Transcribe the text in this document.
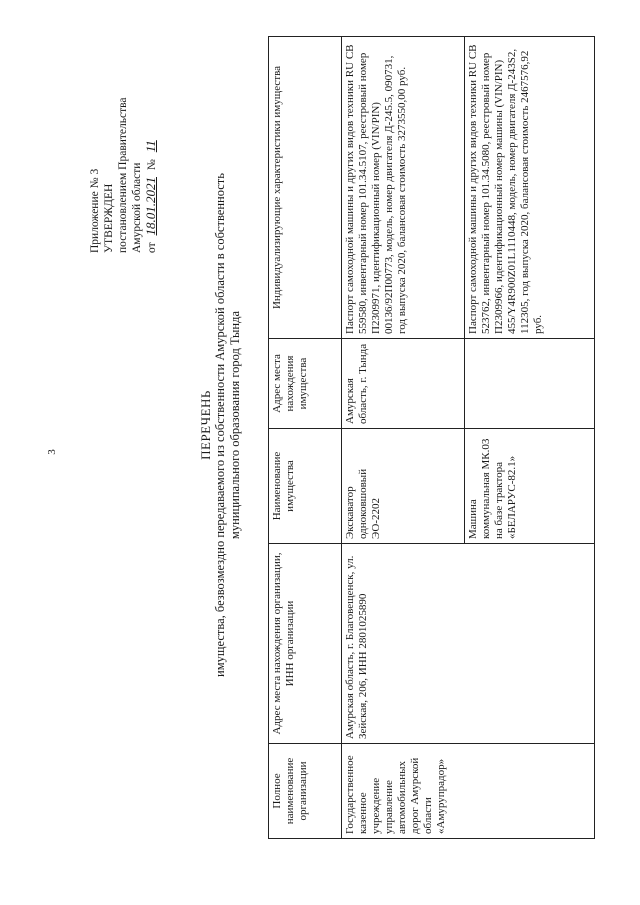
3
Приложение № 3 УТВЕРЖДЕН постановлением Правительства Амурской области от 18.01.2021 № 11
ПЕРЕЧЕНЬ имущества, безвозмездно передаваемого из собственности Амурской области в собственность муниципального образования город Тында
Полное наименование организации	Адрес места нахождения организации, ИНН организации	Наименование имущества	Адрес места нахождения имущества	Индивидуализирующие характеристики имущества
Государственное казенное учреждение управление автомобильных дорог Амурской области «Амурупрадор»	Амурская область, г. Благовещенск, ул. Зейская, 206, ИНН 2801025890	Экскаватор одноковшовый ЭО-2202	Амурская область, г. Тында	Паспорт самоходной машины и других видов техники RU CB 559580, инвентарный номер 101.34.5107, реестровый номер П2309971, идентификационный номер (VIN/PIN) 00136/92П00773, модель, номер двигателя Д-245.5, 090731, год выпуска 2020, балансовая стоимость 3273550,00 руб.
		Машина коммунальная МК.03 на базе трактора «БЕЛАРУС-82.1»		Паспорт самоходной машины и других видов техники RU CB 523762, инвентарный номер 101.34.5080, реестровый номер П2309966, идентификационный номер машины (VIN/PIN) 455/Y4R900Z01L1110448, модель, номер двигателя Д-243S2, 112305, год выпуска 2020, балансовая стоимость 2467576,92 руб.
